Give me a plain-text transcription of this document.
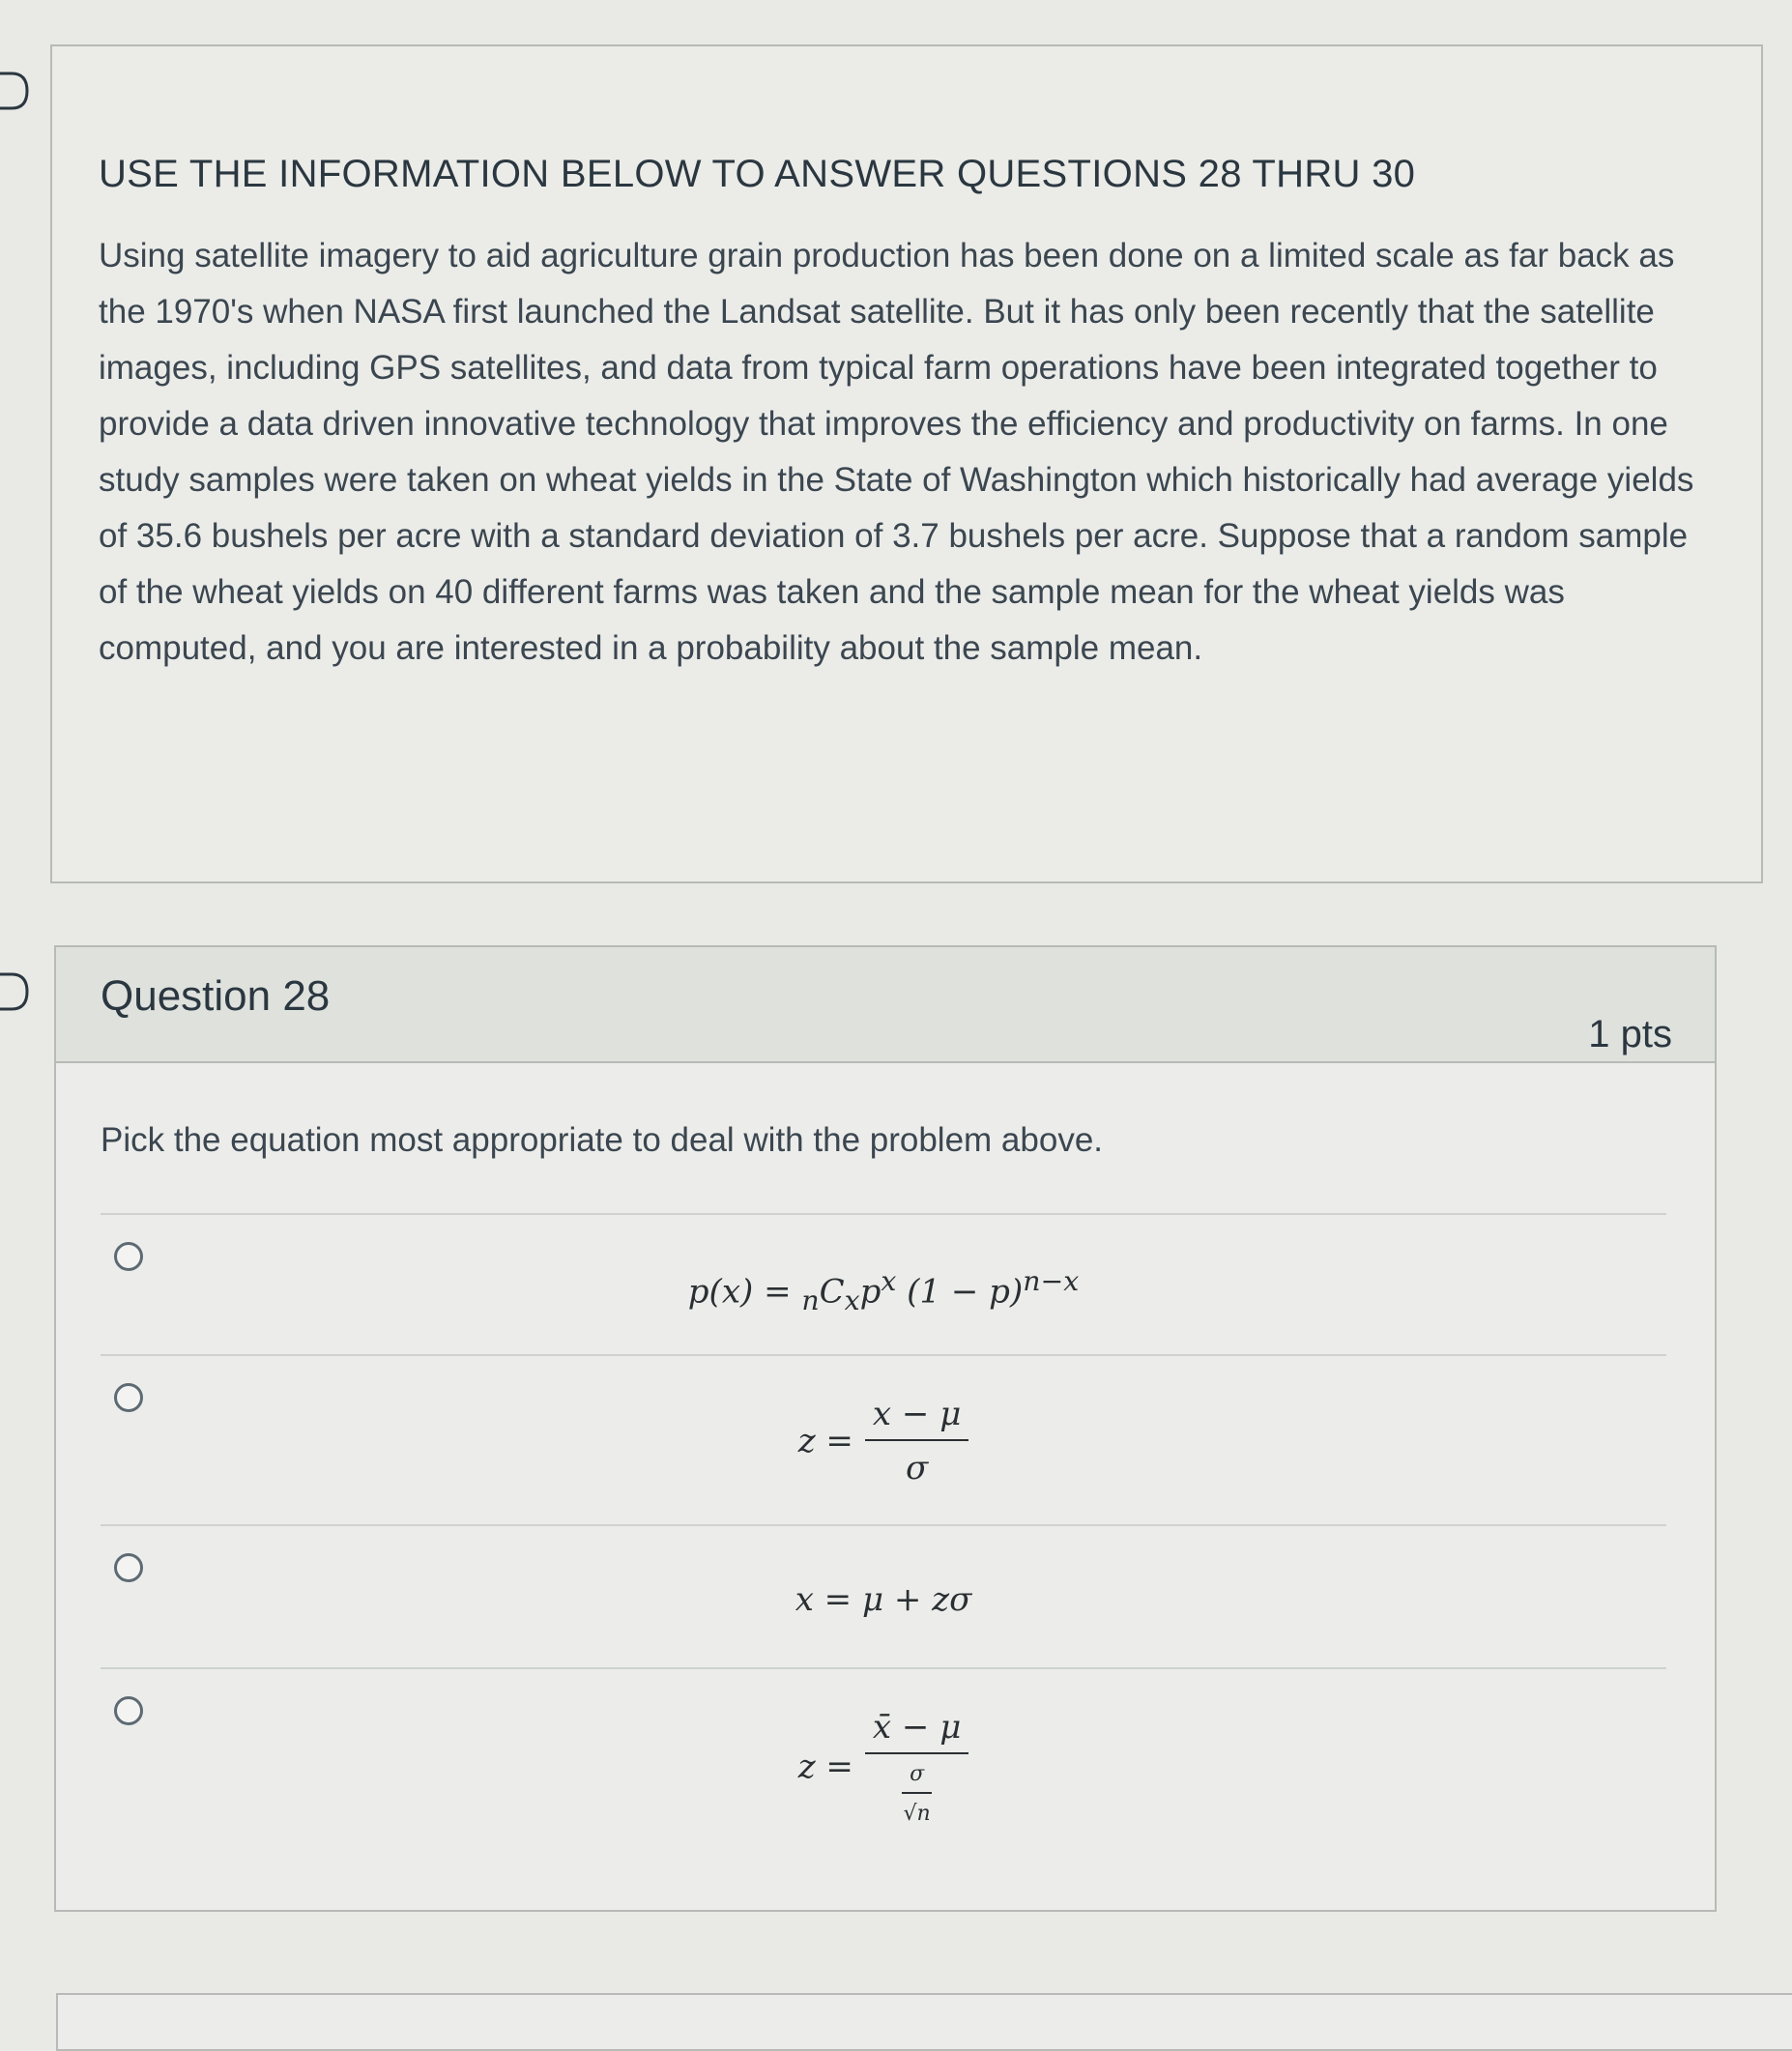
USE THE INFORMATION BELOW TO ANSWER QUESTIONS 28 THRU 30

Using satellite imagery to aid agriculture grain production has been done on a limited scale as far back as the 1970's when NASA first launched the Landsat satellite. But it has only been recently that the satellite images, including GPS satellites, and data from typical farm operations have been integrated together to provide a data driven innovative technology that improves the efficiency and productivity on farms. In one study samples were taken on wheat yields in the State of Washington which historically had average yields of 35.6 bushels per acre with a standard deviation of 3.7 bushels per acre. Suppose that a random sample of the wheat yields on 40 different farms was taken and the sample mean for the wheat yields was computed, and you are interested in a probability about the sample mean.

Question 28
1 pts
Pick the equation most appropriate to deal with the problem above.
$p(x) = _nC_xp^x$ $(1 - p)^{n-x}$
$z = \frac{x - \mu}{\sigma}$
x = μ + zσ
$z = \frac{x̄ - \mu}{\frac{\sigma}{√n}}$
